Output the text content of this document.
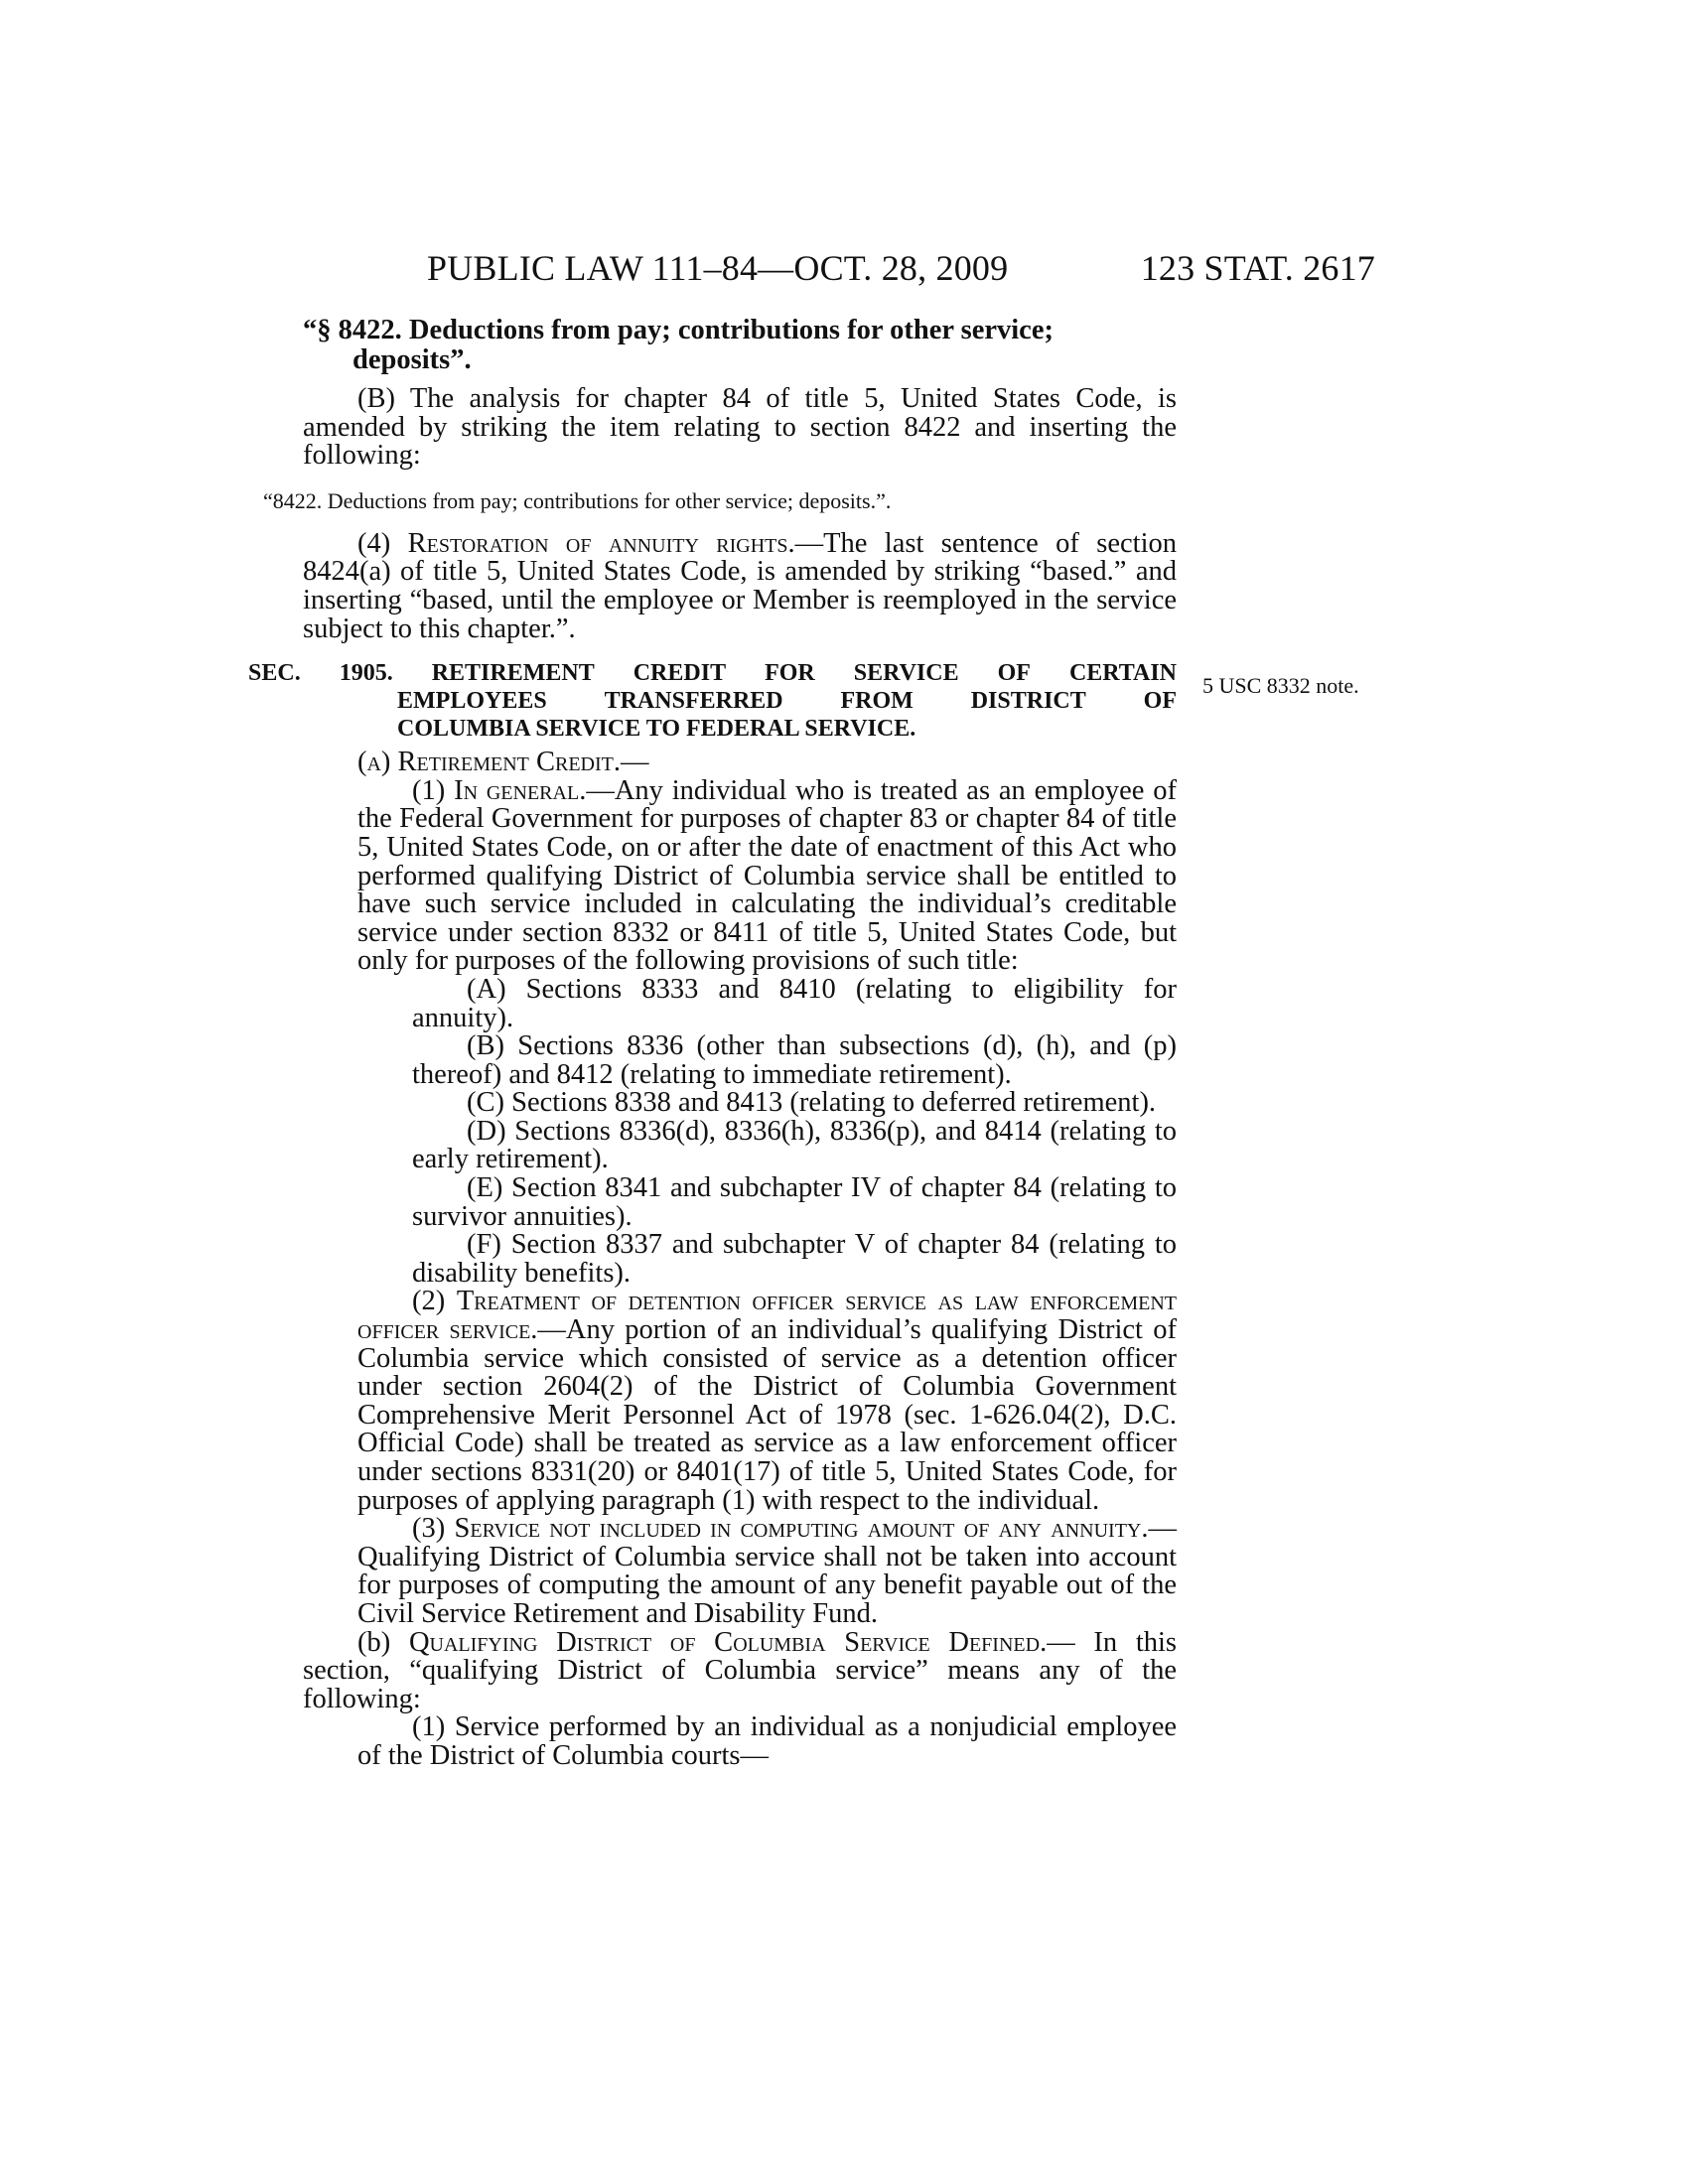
PUBLIC LAW 111–84—OCT. 28, 2009	123 STAT. 2617
5 USC 8332 note.
“§ 8422. Deductions from pay; contributions for other service;
deposits”.

(B) The analysis for chapter 84 of title 5, United States Code, is amended by striking the item relating to section 8422 and inserting the following:

“8422. Deductions from pay; contributions for other service; deposits.”.

(4) Restoration of annuity rights.—The last sentence of section 8424(a) of title 5, United States Code, is amended by striking “based.” and inserting “based, until the employee or Member is reemployed in the service subject to this chapter.”.

SEC. 1905. RETIREMENT CREDIT FOR SERVICE OF CERTAIN
EMPLOYEES TRANSFERRED FROM DISTRICT OF
COLUMBIA SERVICE TO FEDERAL SERVICE.

(a) Retirement Credit.—

(1) In general.—Any individual who is treated as an employee of the Federal Government for purposes of chapter 83 or chapter 84 of title 5, United States Code, on or after the date of enactment of this Act who performed qualifying District of Columbia service shall be entitled to have such service included in calculating the individual’s creditable service under section 8332 or 8411 of title 5, United States Code, but only for purposes of the following provisions of such title:

(A) Sections 8333 and 8410 (relating to eligibility for annuity).

(B) Sections 8336 (other than subsections (d), (h), and (p) thereof) and 8412 (relating to immediate retirement).

(C) Sections 8338 and 8413 (relating to deferred retirement).

(D) Sections 8336(d), 8336(h), 8336(p), and 8414 (relating to early retirement).

(E) Section 8341 and subchapter IV of chapter 84 (relating to survivor annuities).

(F) Section 8337 and subchapter V of chapter 84 (relating to disability benefits).

(2) Treatment of detention officer service as law enforcement officer service.—Any portion of an individual’s qualifying District of Columbia service which consisted of service as a detention officer under section 2604(2) of the District of Columbia Government Comprehensive Merit Personnel Act of 1978 (sec. 1-626.04(2), D.C. Official Code) shall be treated as service as a law enforcement officer under sections 8331(20) or 8401(17) of title 5, United States Code, for purposes of applying paragraph (1) with respect to the individual.

(3) Service not included in computing amount of any annuity.—Qualifying District of Columbia service shall not be taken into account for purposes of computing the amount of any benefit payable out of the Civil Service Retirement and Disability Fund.

(b) Qualifying District of Columbia Service Defined.— In this section, “qualifying District of Columbia service” means any of the following:

(1) Service performed by an individual as a nonjudicial employee of the District of Columbia courts—
